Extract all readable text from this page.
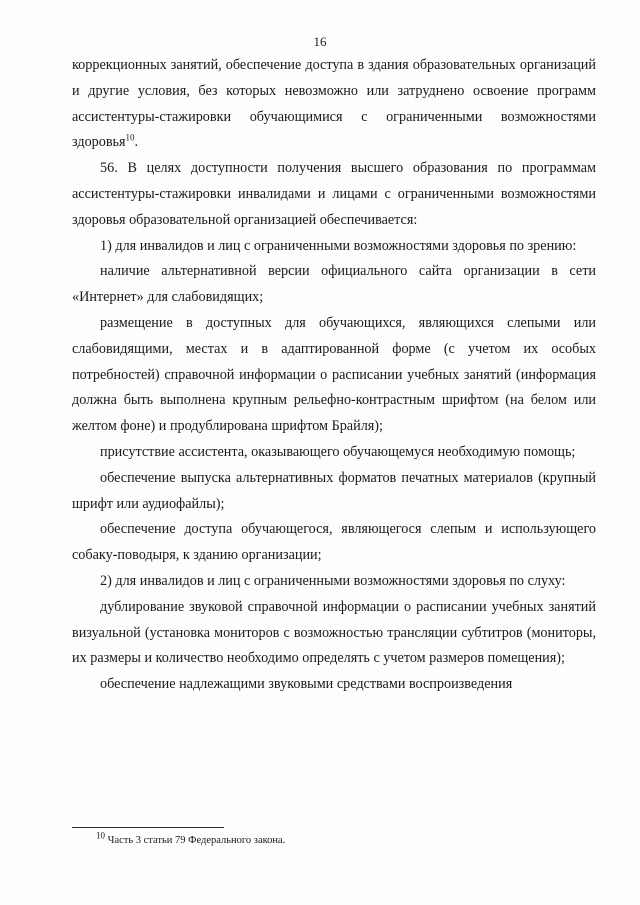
16

коррекционных занятий, обеспечение доступа в здания образовательных организаций и другие условия, без которых невозможно или затруднено освоение программ ассистентуры-стажировки обучающимися с ограниченными возможностями здоровья$^{10}$.

56. В целях доступности получения высшего образования по программам ассистентуры-стажировки инвалидами и лицами с ограниченными возможностями здоровья образовательной организацией обеспечивается:

1) для инвалидов и лиц с ограниченными возможностями здоровья по зрению:

наличие альтернативной версии официального сайта организации в сети «Интернет» для слабовидящих;

размещение в доступных для обучающихся, являющихся слепыми или слабовидящими, местах и в адаптированной форме (с учетом их особых потребностей) справочной информации о расписании учебных занятий (информация должна быть выполнена крупным рельефно-контрастным шрифтом (на белом или желтом фоне) и продублирована шрифтом Брайля);

присутствие ассистента, оказывающего обучающемуся необходимую помощь;

обеспечение выпуска альтернативных форматов печатных материалов (крупный шрифт или аудиофайлы);

обеспечение доступа обучающегося, являющегося слепым и использующего собаку-поводыря, к зданию организации;

2) для инвалидов и лиц с ограниченными возможностями здоровья по слуху:

дублирование звуковой справочной информации о расписании учебных занятий визуальной (установка мониторов с возможностью трансляции субтитров (мониторы, их размеры и количество необходимо определять с учетом размеров помещения);

обеспечение надлежащими звуковыми средствами воспроизведения

$^{10}$ Часть 3 статьи 79 Федерального закона.
